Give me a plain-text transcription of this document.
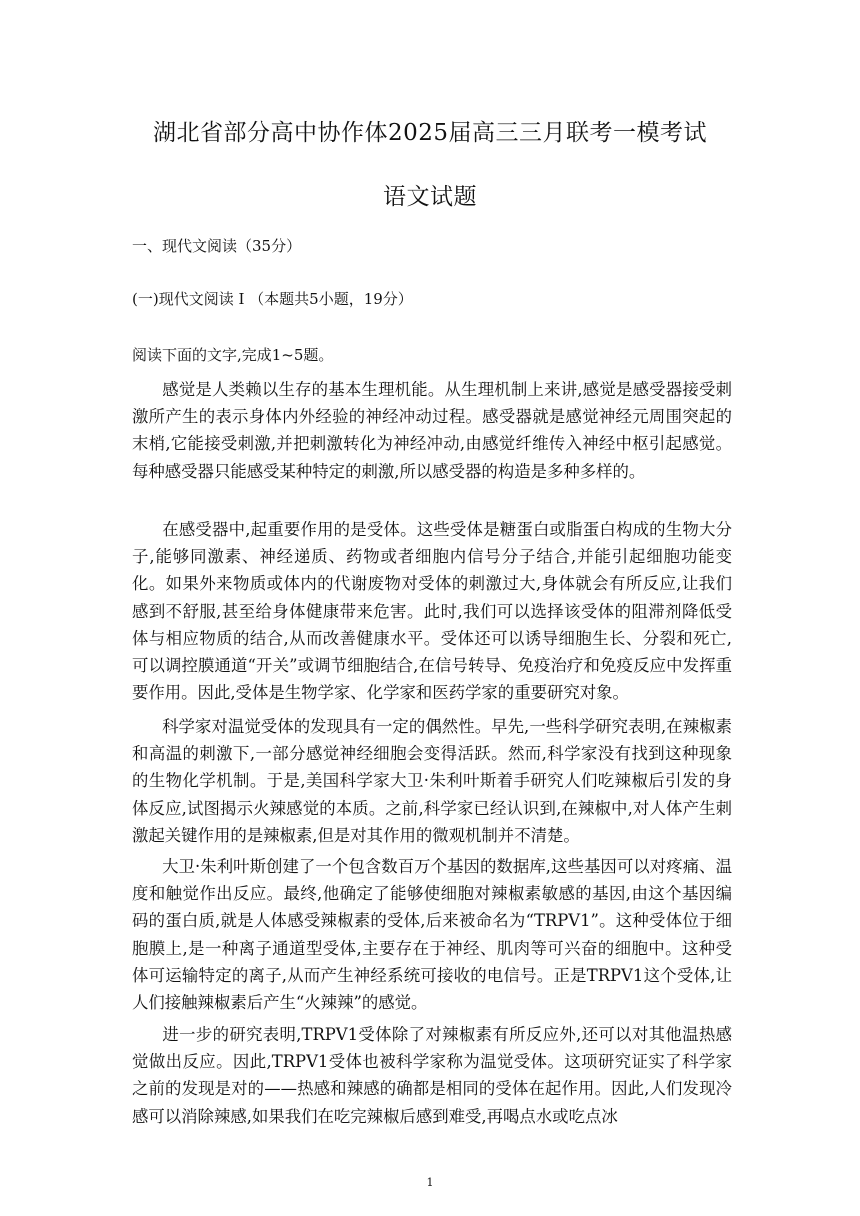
湖北省部分高中协作体2025届高三三月联考一模考试
语文试题
一、现代文阅读（35分）
(一)现代文阅读 I （本题共5小题，19分）
阅读下面的文字,完成1~5题。

感觉是人类赖以生存的基本生理机能。从生理机制上来讲,感觉是感受器接受刺激所产生的表示身体内外经验的神经冲动过程。感受器就是感觉神经元周围突起的末梢,它能接受刺激,并把刺激转化为神经冲动,由感觉纤维传入神经中枢引起感觉。每种感受器只能感受某种特定的刺激,所以感受器的构造是多种多样的。

在感受器中,起重要作用的是受体。这些受体是糖蛋白或脂蛋白构成的生物大分子,能够同激素、神经递质、药物或者细胞内信号分子结合,并能引起细胞功能变化。如果外来物质或体内的代谢废物对受体的刺激过大,身体就会有所反应,让我们感到不舒服,甚至给身体健康带来危害。此时,我们可以选择该受体的阻滞剂降低受体与相应物质的结合,从而改善健康水平。受体还可以诱导细胞生长、分裂和死亡,可以调控膜通道“开关”或调节细胞结合,在信号转导、免疫治疗和免疫反应中发挥重要作用。因此,受体是生物学家、化学家和医药学家的重要研究对象。

科学家对温觉受体的发现具有一定的偶然性。早先,一些科学研究表明,在辣椒素和高温的刺激下,一部分感觉神经细胞会变得活跃。然而,科学家没有找到这种现象的生物化学机制。于是,美国科学家大卫·朱利叶斯着手研究人们吃辣椒后引发的身体反应,试图揭示火辣感觉的本质。之前,科学家已经认识到,在辣椒中,对人体产生刺激起关键作用的是辣椒素,但是对其作用的微观机制并不清楚。

大卫·朱利叶斯创建了一个包含数百万个基因的数据库,这些基因可以对疼痛、温度和触觉作出反应。最终,他确定了能够使细胞对辣椒素敏感的基因,由这个基因编码的蛋白质,就是人体感受辣椒素的受体,后来被命名为“TRPV1”。这种受体位于细胞膜上,是一种离子通道型受体,主要存在于神经、肌肉等可兴奋的细胞中。这种受体可运输特定的离子,从而产生神经系统可接收的电信号。正是TRPV1这个受体,让人们接触辣椒素后产生“火辣辣”的感觉。

进一步的研究表明,TRPV1受体除了对辣椒素有所反应外,还可以对其他温热感觉做出反应。因此,TRPV1受体也被科学家称为温觉受体。这项研究证实了科学家之前的发现是对的——热感和辣感的确都是相同的受体在起作用。因此,人们发现冷感可以消除辣感,如果我们在吃完辣椒后感到难受,再喝点水或吃点冰

1
